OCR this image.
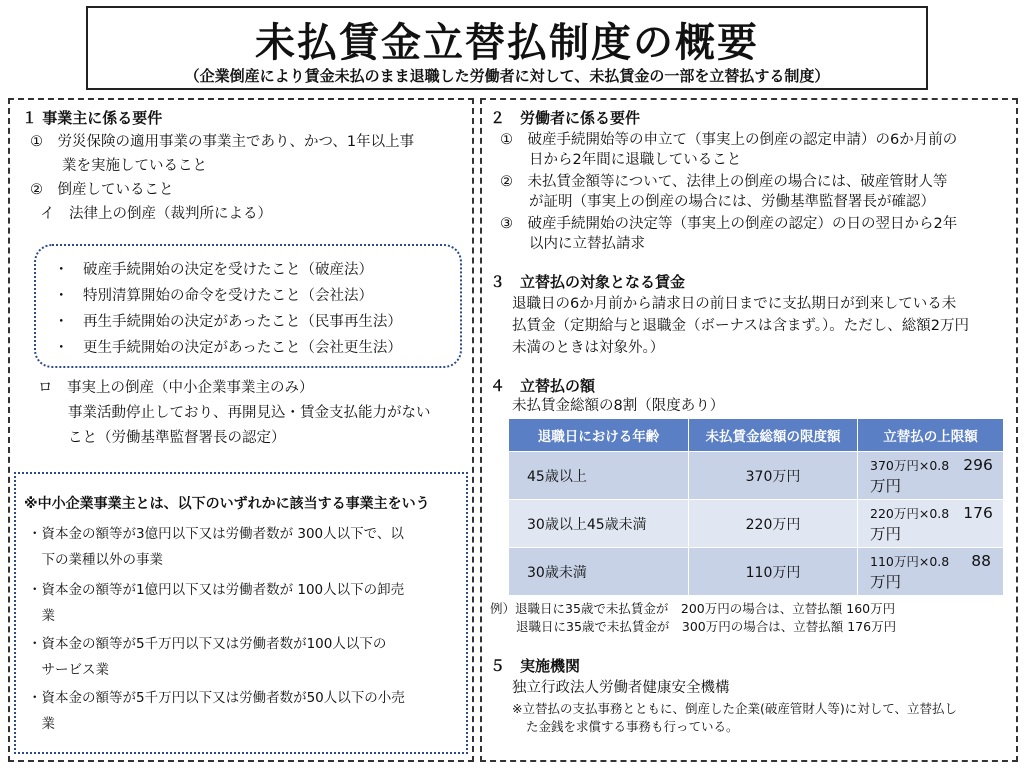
未払賃金立替払制度の概要
（企業倒産により賃金未払のまま退職した労働者に対して、未払賃金の一部を立替払する制度）
１ 事業主に係る要件
①　労災保険の適用事業の事業主であり、かつ、1年以上事
業を実施していること
②　倒産していること
イ　法律上の倒産（裁判所による）
・　破産手続開始の決定を受けたこと（破産法）
・　特別清算開始の命令を受けたこと（会社法）
・　再生手続開始の決定があったこと（民事再生法）
・　更生手続開始の決定があったこと（会社更生法）
ロ　事実上の倒産（中小企業事業主のみ）
事業活動停止しており、再開見込・賃金支払能力がない
こと（労働基準監督署長の認定）
※中小企業事業主とは、以下のいずれかに該当する事業主をいう
・資本金の額等が3億円以下又は労働者数が 300人以下で、以
　下の業種以外の事業
・資本金の額等が1億円以下又は労働者数が 100人以下の卸売
　業
・資本金の額等が5千万円以下又は労働者数が100人以下の
　サービス業
・資本金の額等が5千万円以下又は労働者数が50人以下の小売
　業
２　労働者に係る要件
①　破産手続開始等の申立て（事実上の倒産の認定申請）の6か月前の
　　日から2年間に退職していること
②　未払賃金額等について、法律上の倒産の場合には、破産管財人等
　　が証明（事実上の倒産の場合には、労働基準監督署長が確認）
③　破産手続開始の決定等（事実上の倒産の認定）の日の翌日から2年
　　以内に立替払請求
３　立替払の対象となる賃金
退職日の6か月前から請求日の前日までに支払期日が到来している未
払賃金（定期給与と退職金（ボーナスは含まず。）。ただし、総額2万円
未満のときは対象外。）
４　立替払の額
未払賃金総額の8割（限度あり）
退職日における年齢	未払賃金総額の限度額	立替払の上限額
45歳以上	370万円	370万円×0.8 296万円
30歳以上45歳未満	220万円	220万円×0.8 176万円
30歳未満	110万円	110万円×0.8 88万円
例）退職日に35歳で未払賃金が　200万円の場合は、立替払額 160万円
退職日に35歳で未払賃金が　300万円の場合は、立替払額 176万円
５　実施機関
独立行政法人労働者健康安全機構
※立替払の支払事務とともに、倒産した企業(破産管財人等)に対して、立替払し
た金銭を求償する事務も行っている。
